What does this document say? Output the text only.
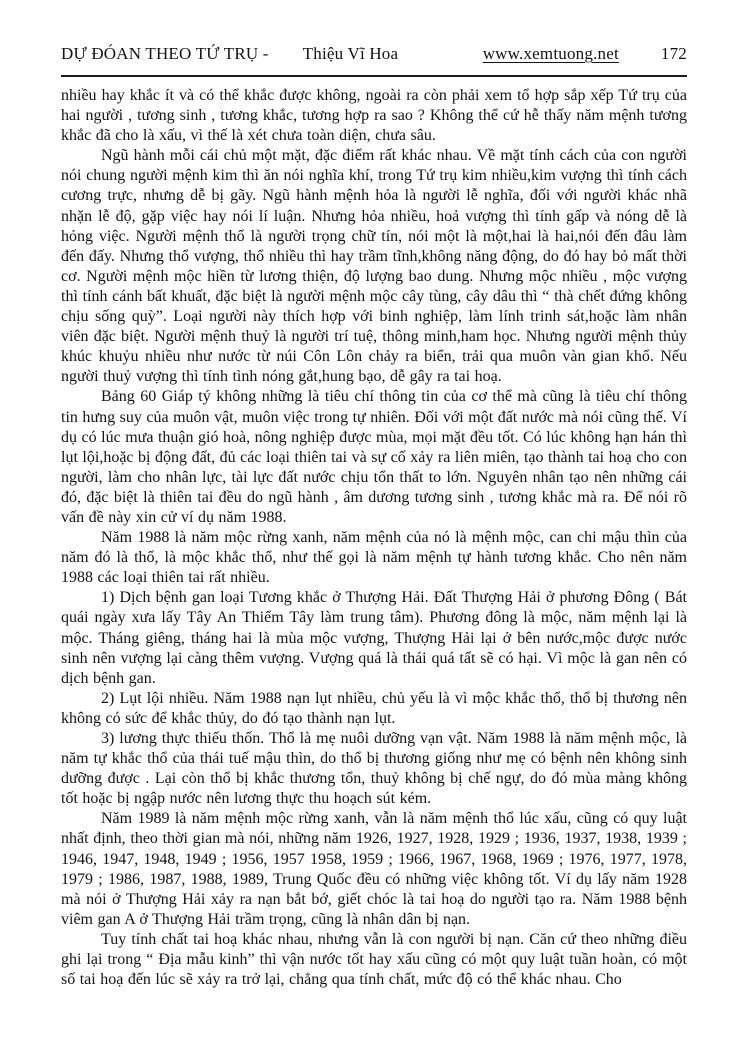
DỰ ĐÓAN THEO TỨ TRỤ - Thiệu Vĩ Hoa	www.xemtuong.net 172

nhiều hay khắc ít và có thể khắc được không, ngoài ra còn phải xem tổ hợp sắp xếp Tứ trụ của hai người , tương sinh , tương khắc, tương hợp ra sao ? Không thể cứ hễ thấy năm mệnh tương khắc đã cho là xấu, vì thế là xét chưa toàn diện, chưa sâu.

Ngũ hành mỗi cái chủ một mặt, đặc điểm rất khác nhau. Về mặt tính cách của con người nói chung người mệnh kim thì ăn nói nghĩa khí, trong Tứ trụ kim nhiều,kim vượng thì tính cách cương trực, nhưng dễ bị gãy. Ngũ hành mệnh hỏa là người lễ nghĩa, đối với người khác nhã nhặn lễ độ, gặp việc hay nói lí luận. Nhưng hỏa nhiều, hoả vượng thì tính gấp và nóng dễ là hỏng việc. Người mệnh thổ là người trọng chữ tín, nói một là một,hai là hai,nói đến đâu làm đến đấy. Nhưng thổ vượng, thổ nhiều thì hay trầm tĩnh,không năng động, do đó hay bỏ mất thời cơ. Người mệnh mộc hiền từ lương thiện, độ lượng bao dung. Nhưng mộc nhiều , mộc vượng thì tính cánh bất khuất, đặc biệt là người mệnh mộc cây tùng, cây dâu thì “ thà chết đứng không chịu sống quỳ”. Loại người này thích hợp với binh nghiệp, làm lính trinh sát,hoặc làm nhân viên đặc biệt. Người mệnh thuỷ là người trí tuệ, thông minh,ham học. Nhưng người mệnh thủy khúc khuỷu nhiều như nước từ núi Côn Lôn chảy ra biển, trải qua muôn vàn gian khổ. Nếu người thuỷ vượng thì tính tình nóng gắt,hung bạo, dễ gây ra tai hoạ.

Bảng 60 Giáp tý không những là tiêu chí thông tin của cơ thể mà cũng là tiêu chí thông tin hưng suy của muôn vật, muôn việc trong tự nhiên. Đối với một đất nước mà nói cũng thế. Ví dụ có lúc mưa thuận gió hoà, nông nghiệp được mùa, mọi mặt đều tốt. Có lúc không hạn hán thì lụt lội,hoặc bị động đất, đủ các loại thiên tai và sự cố xảy ra liên miên, tạo thành tai hoạ cho con người, làm cho nhân lực, tài lực đất nước chịu tổn thất to lớn. Nguyên nhân tạo nên những cái đó, đặc biệt là thiên tai đều do ngũ hành , âm dương tương sinh , tương khắc mà ra. Để nói rõ vấn đề này xin cử ví dụ năm 1988.

Năm 1988 là năm mộc rừng xanh, năm mệnh của nó là mệnh mộc, can chi mậu thìn của năm đó là thổ, là mộc khắc thổ, như thế gọi là năm mệnh tự hành tương khắc. Cho nên năm 1988 các loại thiên tai rất nhiều.

1) Dịch bệnh gan loại Tương khắc ở Thượng Hải. Đất Thượng Hải ở phương Đông ( Bát quái ngày xưa lấy Tây An Thiểm Tây làm trung tâm). Phương đông là mộc, năm mệnh lại là mộc. Tháng giêng, tháng hai là mùa mộc vượng, Thượng Hải lại ở bên nước,mộc được nước sinh nên vượng lại càng thêm vượng. Vượng quá là thái quá tất sẽ có hại. Vì mộc là gan nên có dịch bệnh gan.

2) Lụt lội nhiều. Năm 1988 nạn lụt nhiều, chủ yếu là vì mộc khắc thổ, thổ bị thương nên không có sức để khắc thủy, do đó tạo thành nạn lụt.

3) lương thực thiếu thốn. Thổ là mẹ nuôi dưỡng vạn vật. Năm 1988 là năm mệnh mộc, là năm tự khắc thổ của thái tuế mậu thìn, do thổ bị thương giống như mẹ có bệnh nên không sinh dưỡng được . Lại còn thổ bị khắc thương tổn, thuỷ không bị chế ngự, do đó mùa màng không tốt hoặc bị ngập nước nên lương thực thu hoạch sút kém.

Năm 1989 là năm mệnh mộc rừng xanh, vẫn là năm mệnh thổ lúc xấu, cũng có quy luật nhất định, theo thời gian mà nói, những năm 1926, 1927, 1928, 1929 ; 1936, 1937, 1938, 1939 ; 1946, 1947, 1948, 1949 ; 1956, 1957 1958, 1959 ; 1966, 1967, 1968, 1969 ; 1976, 1977, 1978, 1979 ; 1986, 1987, 1988, 1989, Trung Quốc đều có những việc không tốt. Ví dụ lấy năm 1928 mà nói ở Thượng Hải xảy ra nạn bắt bớ, giết chóc là tai hoạ do người tạo ra. Năm 1988 bệnh viêm gan A ở Thượng Hải trầm trọng, cũng là nhân dân bị nạn.

Tuy tính chất tai hoạ khác nhau, nhưng vẫn là con người bị nạn. Căn cứ theo những điều ghi lại trong “ Địa mẫu kinh” thì vận nước tốt hay xấu cũng có một quy luật tuần hoàn, có một số tai hoạ đến lúc sẽ xảy ra trở lại, chẳng qua tính chất, mức độ có thể khác nhau. Cho
